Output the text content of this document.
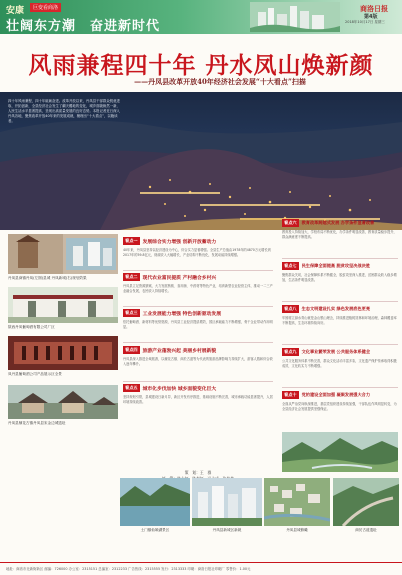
安康	巨变看商洛
壮阔东方潮　奋进新时代
商洛日报
第4版
2018年10月17日 星期三
风雨兼程四十年 丹水凤山焕新颜
——丹凤县改革开放40年经济社会发展“十大看点”扫描
四十年风雨兼程，四十年砥砺奋进。改革开放以来，丹凤县干部群众锐意进取、开拓创新，全县经济社会发生了翻天覆地的变化，城乡面貌焕然一新，人民生活水平显著提高，呈现出高质量发展的良好态势。本报记者近日深入丹凤各地，聚焦改革开放40年来的发展成就，梳理出“十大看点”，以飨读者。
丹凤县商镇丹凤(左图)县城 丹凤新城(右)规划效果
陕西丹凤葡萄酒有限公司厂区
凤丹县葡萄酒公司产品展示区全景
丹凤县棣花古镇丹凤县宋金边城遗址
看点一	发展综合实力增强 创新开放蓄动力
40年来，丹凤县坚持以经济建设为中心，综合实力显著增强。全县生产总值由1978年的4870万元增长到2017年的59.8亿元，财政收入大幅增长，产业结构不断优化，发展动能持续增强。
看点二	现代农业富民提质 产村融合乡村兴
丹凤县立足资源禀赋，大力发展核桃、食用菌、中药材等特色产业，培育新型农业经营主体，推动一二三产业融合发展，农民收入持续增长。
看点三	工业发展能力增强 特色创新驱动发展
依托葡萄酒、新材料等优势资源，丹凤县工业经济提质增效，园区承载能力不断增强，骨干企业带动作用明显。
看点四	旅游产业蓬勃兴起 美丽乡村展新貌
丹凤县深入推进全域旅游，以棣花古镇、商於古道等为代表的旅游品牌影响力持续扩大，游客人数和综合收入逐年攀升。
看点五	城市化步伐加快 城乡面貌变化巨大
坚持规划引领，县城建设日新月异，新区开发有序推进，基础设施不断完善，城市承载功能显著提升，人居环境持续改善。
看点六	教育改革跨越式发展 办学条件显著改善
教育投入持续加大，学校布局不断优化，办学条件明显改善，教育质量稳步提升，群众满意度不断提高。
看点七	民生保障全面提高 脱贫攻坚决战决胜
聚焦群众关切，社会保障体系不断健全，脱贫攻坚深入推进，贫困群众收入稳步增加，生活条件明显改善。
看点八	生态文明建设扎实 绿色发展底色更亮
牢固树立绿水青山就是金山银山理念，持续推进植树造林和环境治理，森林覆盖率不断提高，生态环境持续向好。
看点九	文化事业繁荣发展 公共服务体系健全
公共文化服务体系不断完善，群众文化活动丰富多彩，文化遗产保护传承取得积极成效，文化软实力不断增强。
看点十	党的建设全面加强 凝聚发展强大合力
全面从严治党向纵深推进，基层党组织建设持续加强，干部队伍作风明显转变，为全县经济社会发展提供坚强保证。
策　划：王　群

土门镇仙娥湖景区	丹凤县新城区新貌	丹凤县城俯瞰	商於古道遗址
地址：商洛市北新街新区 邮编：726000 办公室：2315151 总编室：2312233 广告热线：2315555 发行：2313333 印刷：商洛日报社印刷厂 零售价：1.00元
